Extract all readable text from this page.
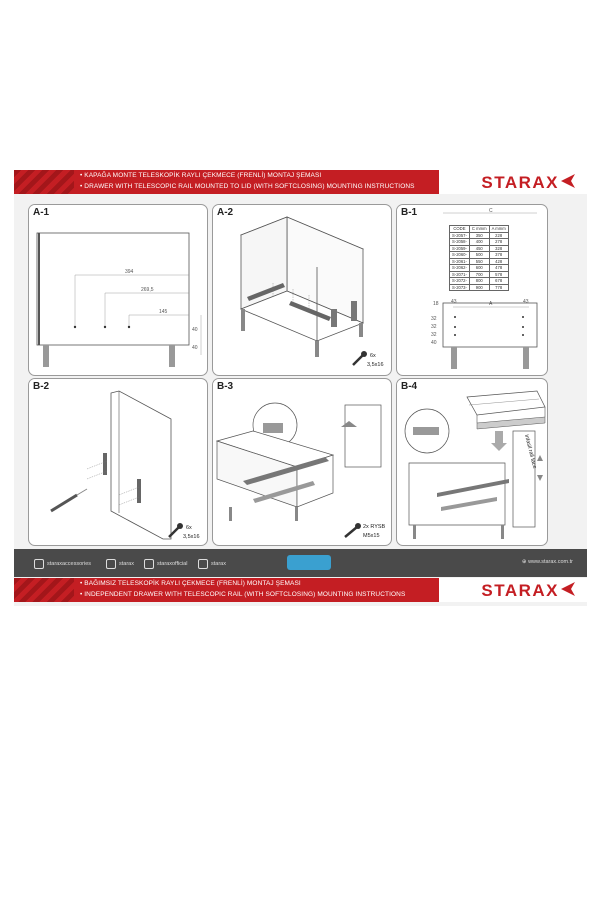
• KAPAĞA MONTE TELESKOPİK RAYLI ÇEKMECE (FRENLİ) MONTAJ ŞEMASI
• DRAWER WITH TELESCOPIC RAIL MOUNTED TO LID (WITH SOFTCLOSING) MOUNTING INSTRUCTIONS	STARAX
394
269,5
145
40
40
A-1
6x
3,5x16
A-2	C
A
18 43	43
32
32
32
40
CODE	C mmm	A mmm
S-2057-	350	228
S-2058-	400	278
S-2059-	450	328
S-2060-	500	378
S-2061-	550	428
S-2062-	600	478
S-2071-	700	578
S-2072-	800	678
S-2073-	900	778
B-1
6x
3,5x16
B-2
2x RYSB
M5x15
B-3
infasil rail face
B-4
staraxaccessories	starax	staraxofficial	starax	⊕ www.starax.com.tr
• BAĞIMSIZ TELESKOPİK RAYLI ÇEKMECE (FRENLİ) MONTAJ ŞEMASI
• INDEPENDENT DRAWER WITH TELESCOPIC RAIL (WITH SOFTCLOSING) MOUNTING INSTRUCTIONS	STARAX
